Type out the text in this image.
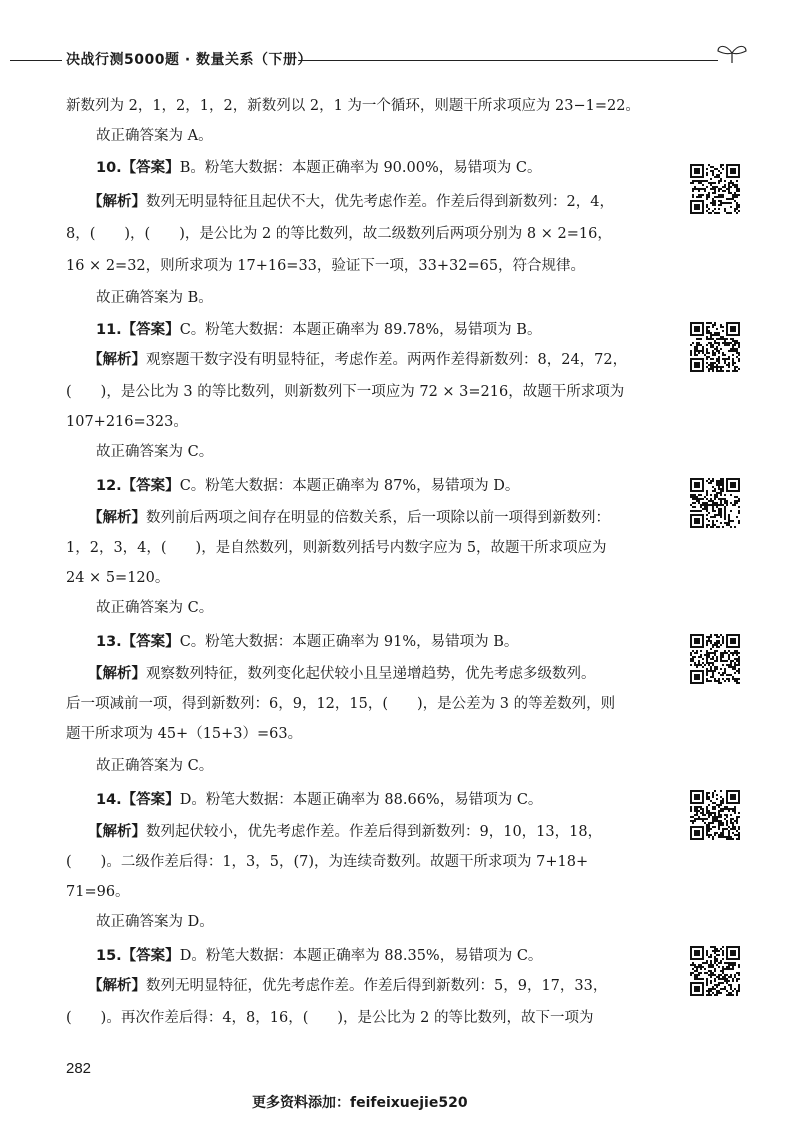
决战行测5000题 · 数量关系（下册）
新数列为 2，1，2，1，2，新数列以 2，1 为一个循环，则题干所求项应为 23−1=22。
故正确答案为 A。
10.【答案】B。粉笔大数据：本题正确率为 90.00%，易错项为 C。
【解析】数列无明显特征且起伏不大，优先考虑作差。作差后得到新数列：2，4，
8，(　　)，(　　)，是公比为 2 的等比数列，故二级数列后两项分别为 8 × 2=16，
16 × 2=32，则所求项为 17+16=33，验证下一项，33+32=65，符合规律。
故正确答案为 B。
11.【答案】C。粉笔大数据：本题正确率为 89.78%，易错项为 B。
【解析】观察题干数字没有明显特征，考虑作差。两两作差得新数列：8，24，72，
(　　)，是公比为 3 的等比数列，则新数列下一项应为 72 × 3=216，故题干所求项为
107+216=323。
故正确答案为 C。
12.【答案】C。粉笔大数据：本题正确率为 87%，易错项为 D。
【解析】数列前后两项之间存在明显的倍数关系，后一项除以前一项得到新数列：
1，2，3，4，(　　)，是自然数列，则新数列括号内数字应为 5，故题干所求项应为
24 × 5=120。
故正确答案为 C。
13.【答案】C。粉笔大数据：本题正确率为 91%，易错项为 B。
【解析】观察数列特征，数列变化起伏较小且呈递增趋势，优先考虑多级数列。
后一项减前一项，得到新数列：6，9，12，15，(　　)，是公差为 3 的等差数列，则
题干所求项为 45+（15+3）=63。
故正确答案为 C。
14.【答案】D。粉笔大数据：本题正确率为 88.66%，易错项为 C。
【解析】数列起伏较小，优先考虑作差。作差后得到新数列：9，10，13，18，
(　　)。二级作差后得：1，3，5，(7)，为连续奇数列。故题干所求项为 7+18+
71=96。
故正确答案为 D。
15.【答案】D。粉笔大数据：本题正确率为 88.35%，易错项为 C。
【解析】数列无明显特征，优先考虑作差。作差后得到新数列：5，9，17，33，
(　　)。再次作差后得：4，8，16，(　　)，是公比为 2 的等比数列，故下一项为
282
更多资料添加：feifeixuejie520
